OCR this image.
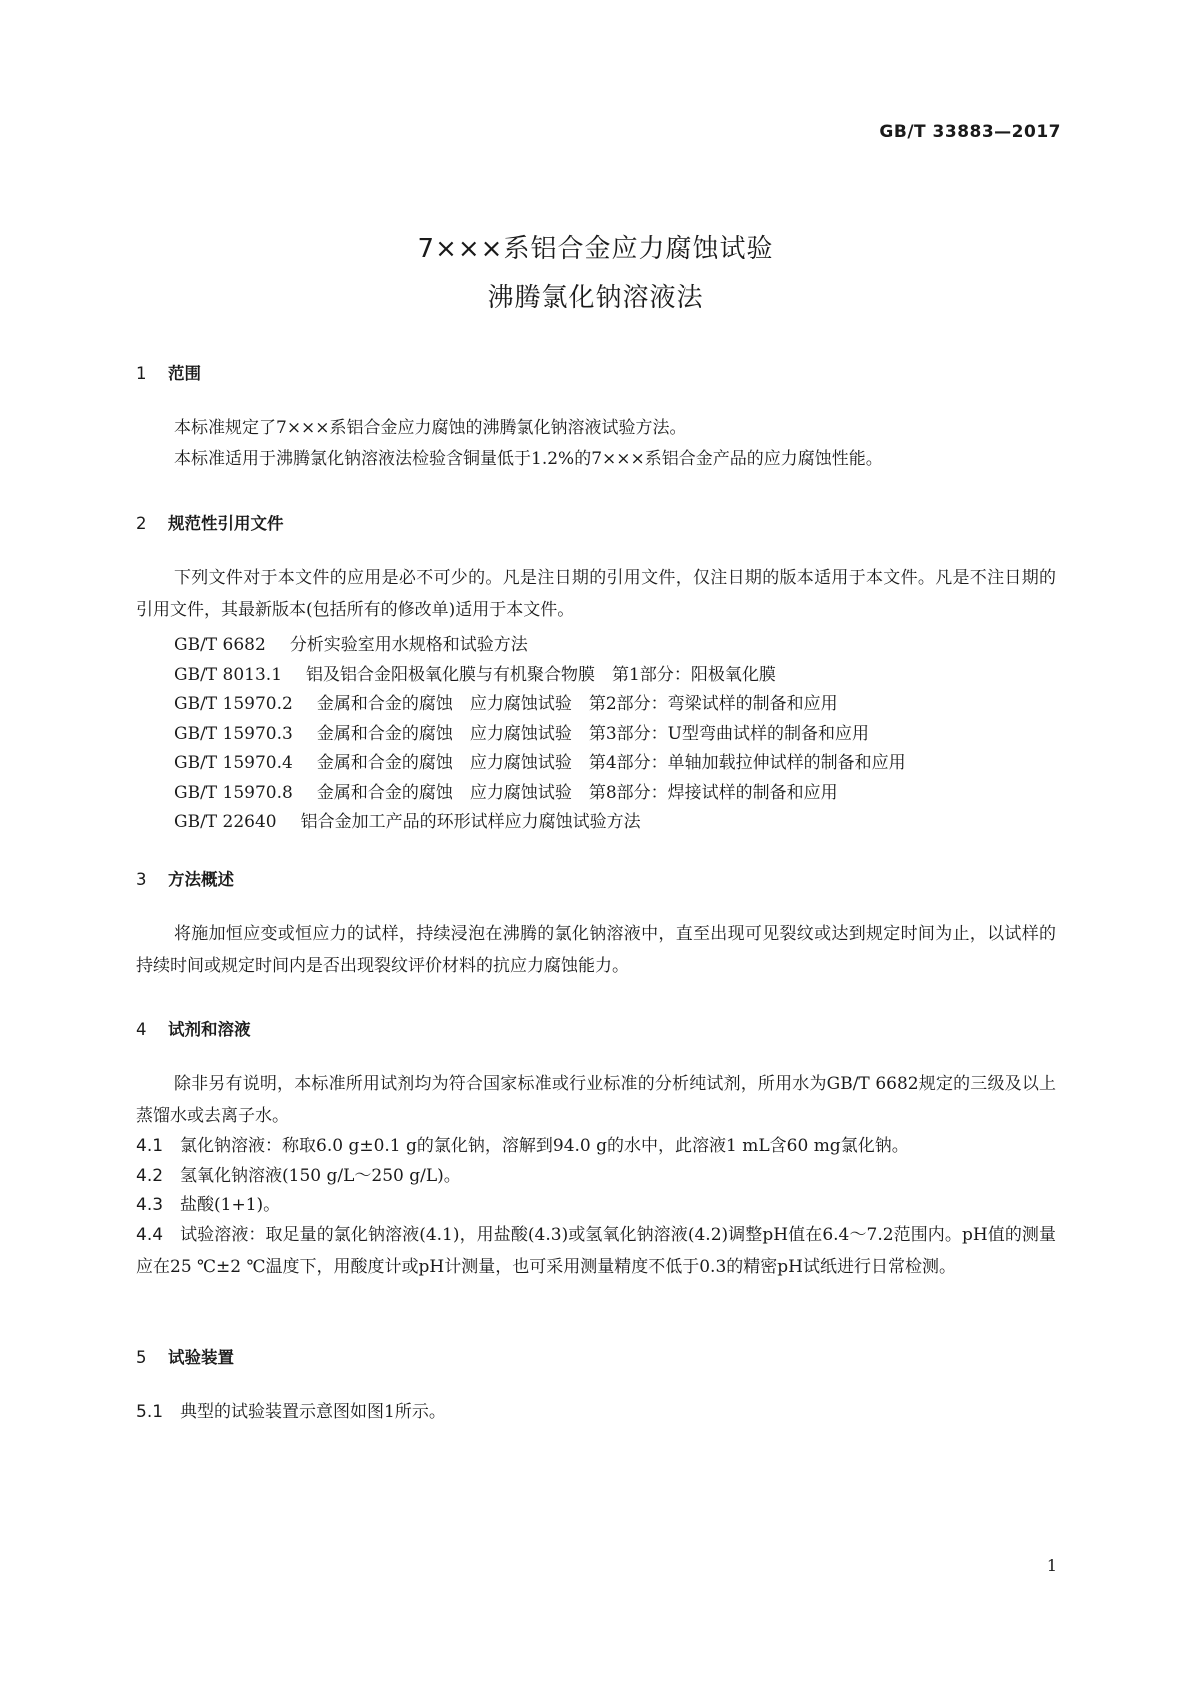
GB/T 33883—2017
7×××系铝合金应力腐蚀试验
沸腾氯化钠溶液法
1 范围
本标准规定了7×××系铝合金应力腐蚀的沸腾氯化钠溶液试验方法。
本标准适用于沸腾氯化钠溶液法检验含铜量低于1.2%的7×××系铝合金产品的应力腐蚀性能。
2 规范性引用文件
下列文件对于本文件的应用是必不可少的。凡是注日期的引用文件，仅注日期的版本适用于本文件。凡是不注日期的引用文件，其最新版本(包括所有的修改单)适用于本文件。
GB/T 6682 分析实验室用水规格和试验方法
GB/T 8013.1 铝及铝合金阳极氧化膜与有机聚合物膜　第1部分：阳极氧化膜
GB/T 15970.2 金属和合金的腐蚀　应力腐蚀试验　第2部分：弯梁试样的制备和应用
GB/T 15970.3 金属和合金的腐蚀　应力腐蚀试验　第3部分：U型弯曲试样的制备和应用
GB/T 15970.4 金属和合金的腐蚀　应力腐蚀试验　第4部分：单轴加载拉伸试样的制备和应用
GB/T 15970.8 金属和合金的腐蚀　应力腐蚀试验　第8部分：焊接试样的制备和应用
GB/T 22640 铝合金加工产品的环形试样应力腐蚀试验方法
3 方法概述
将施加恒应变或恒应力的试样，持续浸泡在沸腾的氯化钠溶液中，直至出现可见裂纹或达到规定时间为止，以试样的持续时间或规定时间内是否出现裂纹评价材料的抗应力腐蚀能力。
4 试剂和溶液
除非另有说明，本标准所用试剂均为符合国家标准或行业标准的分析纯试剂，所用水为GB/T 6682规定的三级及以上蒸馏水或去离子水。
4.1 氯化钠溶液：称取6.0 g±0.1 g的氯化钠，溶解到94.0 g的水中，此溶液1 mL含60 mg氯化钠。
4.2 氢氧化钠溶液(150 g/L～250 g/L)。
4.3 盐酸(1+1)。
4.4 试验溶液：取足量的氯化钠溶液(4.1)，用盐酸(4.3)或氢氧化钠溶液(4.2)调整pH值在6.4～7.2范围内。pH值的测量应在25 ℃±2 ℃温度下，用酸度计或pH计测量，也可采用测量精度不低于0.3的精密pH试纸进行日常检测。
5 试验装置
5.1 典型的试验装置示意图如图1所示。
1
